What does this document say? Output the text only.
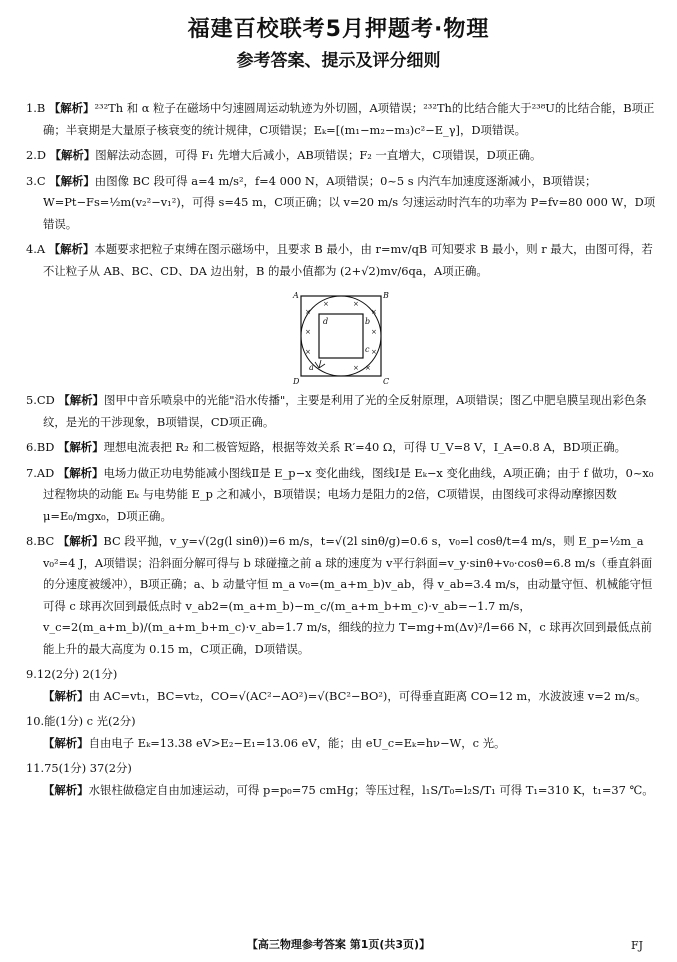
福建百校联考5月押题考·物理
参考答案、提示及评分细则
1.B 【解析】²³²Th 和 α 粒子在磁场中匀速圆周运动轨迹为外切圆，A项错误；²³²Th的比结合能大于²³⁸U的比结合能，B项正确；半衰期是大量原子核衰变的统计规律，C项错误；Eₖ=[(m₁−m₂−m₃)c²−E_γ]，D项错误。
2.D 【解析】图解法动态圆，可得 F₁ 先增大后减小，AB项错误；F₂ 一直增大，C项错误，D项正确。
3.C 【解析】由图像 BC 段可得 a=4 m/s²，f=4 000 N，A项错误；0~5 s 内汽车加速度逐渐减小，B项错误；W=Pt−Fs=½m(v₂²−v₁²)，可得 s=45 m，C项正确；以 v=20 m/s 匀速运动时汽车的功率为 P=fv=80 000 W，D项错误。
4.A 【解析】本题要求把粒子束缚在图示磁场中，且要求 B 最小，由 r=mv/qB 可知要求 B 最小，则 r 最大，由图可得，若不让粒子从 AB、BC、CD、DA 边出射，B 的最小值都为 (2+√2)mv/6qa，A项正确。
×
×
×
×
×
×
×	×
× ×
A	B
C
D
a
b
c
d
5.CD 【解析】图甲中音乐喷泉中的光能"沿水传播"，主要是利用了光的全反射原理，A项错误；图乙中肥皂膜呈现出彩色条纹，是光的干涉现象，B项错误，CD项正确。
6.BD 【解析】理想电流表把 R₂ 和二极管短路，根据等效关系 R′=40 Ω，可得 U_V=8 V，I_A=0.8 A，BD项正确。
7.AD 【解析】电场力做正功电势能减小图线Ⅱ是 E_p−x 变化曲线，图线Ⅰ是 Eₖ−x 变化曲线，A项正确；由于 f 做功，0~x₀ 过程物块的动能 Eₖ 与电势能 E_p 之和减小，B项错误；电场力是阻力的2倍，C项错误，由图线可求得动摩擦因数 μ=E₀/mgx₀，D项正确。
8.BC 【解析】BC 段平抛，v_y=√(2g(l sinθ))=6 m/s，t=√(2l sinθ/g)=0.6 s，v₀=l cosθ/t=4 m/s，则 E_p=½m_a v₀²=4 J，A项错误；沿斜面分解可得与 b 球碰撞之前 a 球的速度为 v平行斜面=v_y·sinθ+v₀·cosθ=6.8 m/s（垂直斜面的分速度被缓冲），B项正确；a、b 动量守恒 m_a v₀=(m_a+m_b)v_ab，得 v_ab=3.4 m/s，由动量守恒、机械能守恒可得 c 球再次回到最低点时 v_ab2=(m_a+m_b)−m_c/(m_a+m_b+m_c)·v_ab=−1.7 m/s，v_c=2(m_a+m_b)/(m_a+m_b+m_c)·v_ab=1.7 m/s，细线的拉力 T=mg+m(Δv)²/l=66 N，c 球再次回到最低点前能上升的最大高度为 0.15 m，C项正确，D项错误。
9.12(2分) 2(1分)
【解析】由 AC=vt₁，BC=vt₂，CO=√(AC²−AO²)=√(BC²−BO²)，可得垂直距离 CO=12 m，水波波速 v=2 m/s。
10.能(1分) c 光(2分)
【解析】自由电子 Eₖ=13.38 eV>E₂−E₁=13.06 eV，能；由 eU_c=Eₖ=hν−W，c 光。
11.75(1分) 37(2分)
【解析】水银柱做稳定自由加速运动，可得 p=p₀=75 cmHg；等压过程，l₁S/T₀=l₂S/T₁ 可得 T₁=310 K，t₁=37 ℃。
【高三物理参考答案 第1页(共3页)】	FJ
